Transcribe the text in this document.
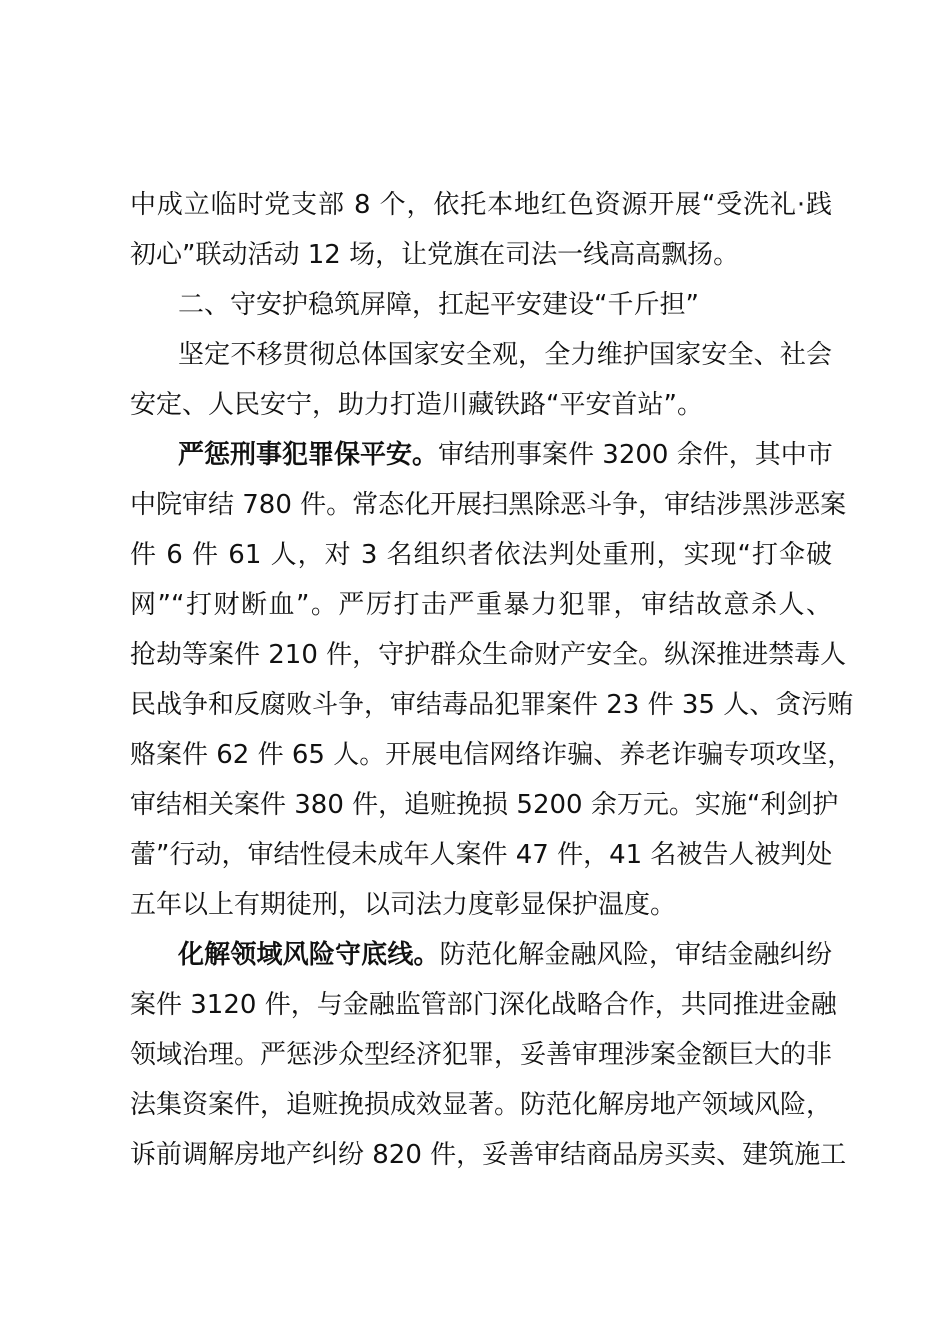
中成立临时党支部 8 个，依托本地红色资源开展“受洗礼·践
初心”联动活动 12 场，让党旗在司法一线高高飘扬。
二、守安护稳筑屏障，扛起平安建设“千斤担”
坚定不移贯彻总体国家安全观，全力维护国家安全、社会
安定、人民安宁，助力打造川藏铁路“平安首站”。
严惩刑事犯罪保平安。审结刑事案件 3200 余件，其中市
中院审结 780 件。常态化开展扫黑除恶斗争，审结涉黑涉恶案
件 6 件 61 人，对 3 名组织者依法判处重刑，实现“打伞破
网”“打财断血”。严厉打击严重暴力犯罪，审结故意杀人、
抢劫等案件 210 件，守护群众生命财产安全。纵深推进禁毒人
民战争和反腐败斗争，审结毒品犯罪案件 23 件 35 人、贪污贿
赂案件 62 件 65 人。开展电信网络诈骗、养老诈骗专项攻坚，
审结相关案件 380 件，追赃挽损 5200 余万元。实施“利剑护
蕾”行动，审结性侵未成年人案件 47 件，41 名被告人被判处
五年以上有期徒刑，以司法力度彰显保护温度。
化解领域风险守底线。防范化解金融风险，审结金融纠纷
案件 3120 件，与金融监管部门深化战略合作，共同推进金融
领域治理。严惩涉众型经济犯罪，妥善审理涉案金额巨大的非
法集资案件，追赃挽损成效显著。防范化解房地产领域风险，
诉前调解房地产纠纷 820 件，妥善审结商品房买卖、建筑施工
